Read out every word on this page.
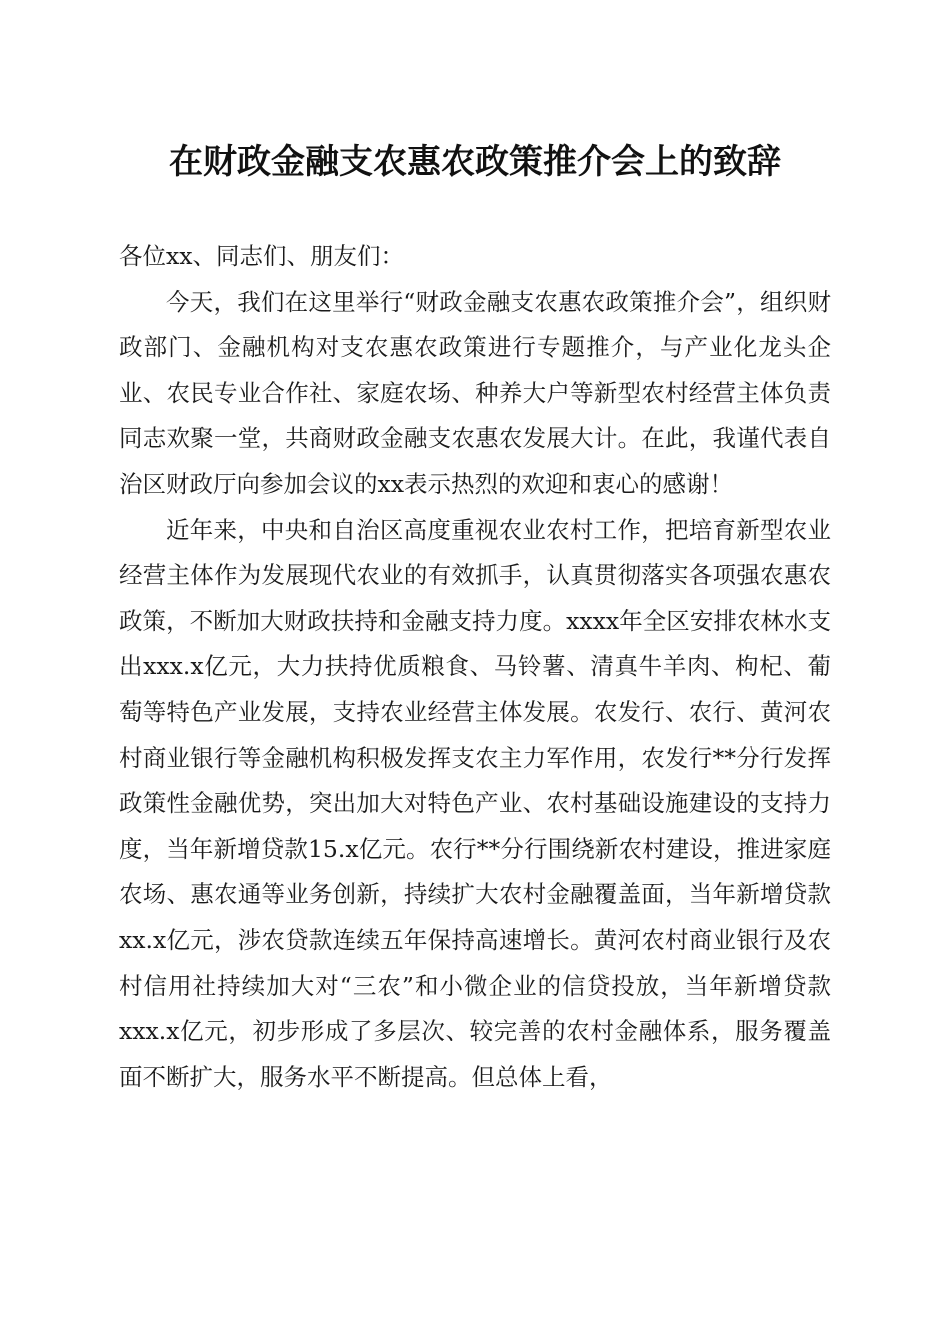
在财政金融支农惠农政策推介会上的致辞

各位xx、同志们、朋友们：

今天，我们在这里举行“财政金融支农惠农政策推介会”，组织财政部门、金融机构对支农惠农政策进行专题推介，与产业化龙头企业、农民专业合作社、家庭农场、种养大户等新型农村经营主体负责同志欢聚一堂，共商财政金融支农惠农发展大计。在此，我谨代表自治区财政厅向参加会议的xx表示热烈的欢迎和衷心的感谢！

近年来，中央和自治区高度重视农业农村工作，把培育新型农业经营主体作为发展现代农业的有效抓手，认真贯彻落实各项强农惠农政策，不断加大财政扶持和金融支持力度。xxxx年全区安排农林水支出xxx.x亿元，大力扶持优质粮食、马铃薯、清真牛羊肉、枸杞、葡萄等特色产业发展，支持农业经营主体发展。农发行、农行、黄河农村商业银行等金融机构积极发挥支农主力军作用，农发行**分行发挥政策性金融优势，突出加大对特色产业、农村基础设施建设的支持力度，当年新增贷款15.x亿元。农行**分行围绕新农村建设，推进家庭农场、惠农通等业务创新，持续扩大农村金融覆盖面，当年新增贷款xx.x亿元，涉农贷款连续五年保持高速增长。黄河农村商业银行及农村信用社持续加大对“三农”和小微企业的信贷投放，当年新增贷款xxx.x亿元，初步形成了多层次、较完善的农村金融体系，服务覆盖面不断扩大，服务水平不断提高。但总体上看，
